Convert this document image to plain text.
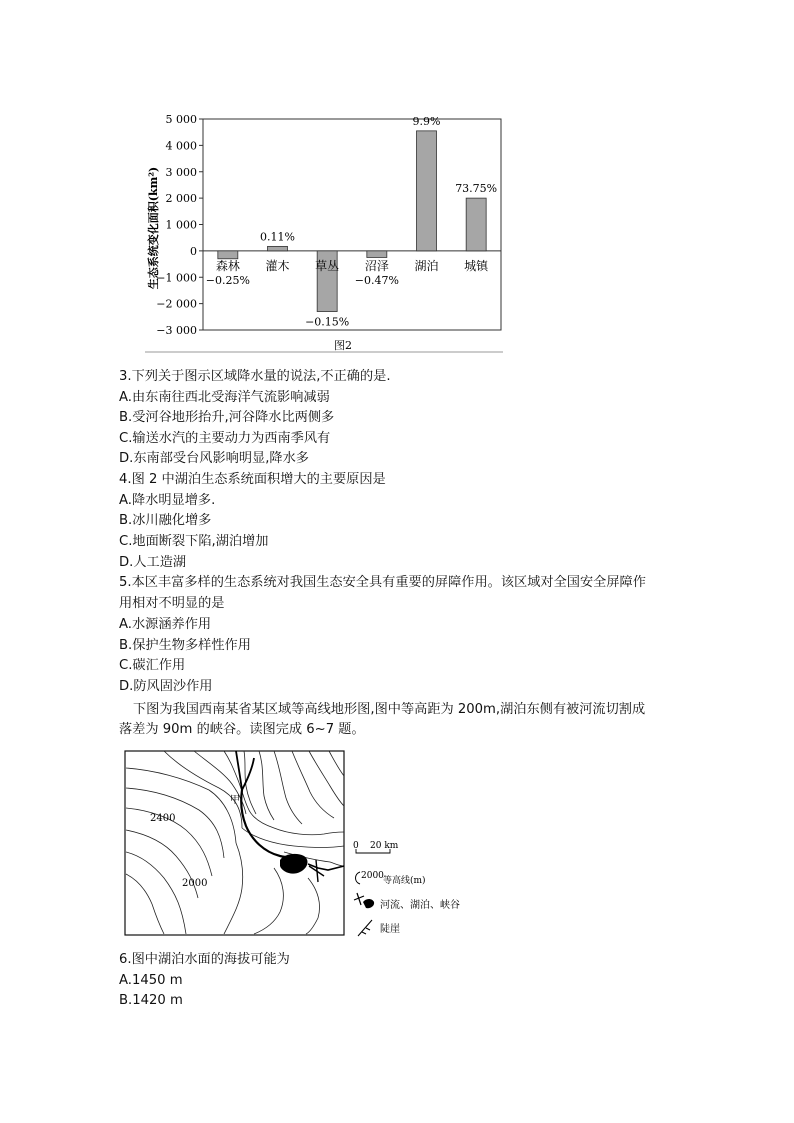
生态系统变化面积(km²)
5 000
4 000
3 000
2 000
1 000
0
−1 000
−2 000
−3 000
森林
−0.25%
灌木
0.11%
草丛
−0.15%
沼泽
−0.47%
湖泊
9.9%
城镇
73.75%
图2
3.下列关于图示区域降水量的说法,不正确的是.
A.由东南往西北受海洋气流影响减弱
B.受河谷地形抬升,河谷降水比两侧多
C.输送水汽的主要动力为西南季风有
D.东南部受台风影响明显,降水多
4.图 2 中湖泊生态系统面积增大的主要原因是
A.降水明显增多.
B.冰川融化增多
C.地面断裂下陷,湖泊增加
D.人工造湖
5.本区丰富多样的生态系统对我国生态安全具有重要的屏障作用。该区域对全国安全屏障作
用相对不明显的是
A.水源涵养作用
B.保护生物多样性作用
C.碳汇作用
D.防风固沙作用
下图为我国西南某省某区域等高线地形图,图中等高距为 200m,湖泊东侧有被河流切割成
落差为 90m 的峡谷。读图完成 6~7 题。
甲
2400
2000
0 20 km
2000 等高线(m)
河流、湖泊、峡谷
陡崖
6.图中湖泊水面的海拔可能为
A.1450 m
B.1420 m
